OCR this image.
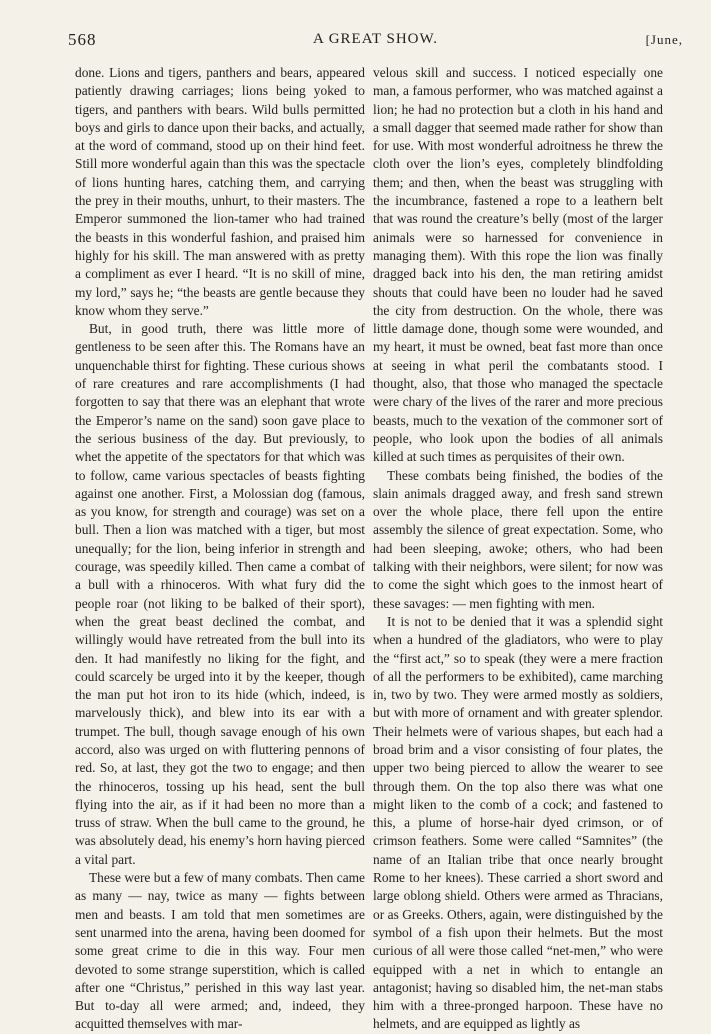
568	A GREAT SHOW.	[June,

done. Lions and tigers, panthers and bears, appeared patiently drawing carriages; lions being yoked to tigers, and panthers with bears. Wild bulls permitted boys and girls to dance upon their backs, and actually, at the word of command, stood up on their hind feet. Still more wonderful again than this was the spectacle of lions hunting hares, catching them, and carrying the prey in their mouths, unhurt, to their masters. The Emperor summoned the lion-tamer who had trained the beasts in this wonderful fashion, and praised him highly for his skill. The man answered with as pretty a compliment as ever I heard. “It is no skill of mine, my lord,” says he; “the beasts are gentle because they know whom they serve.”

But, in good truth, there was little more of gentleness to be seen after this. The Romans have an unquenchable thirst for fighting. These curious shows of rare creatures and rare accomplishments (I had forgotten to say that there was an elephant that wrote the Emperor’s name on the sand) soon gave place to the serious business of the day. But previously, to whet the appetite of the spectators for that which was to follow, came various spectacles of beasts fighting against one another. First, a Molossian dog (famous, as you know, for strength and courage) was set on a bull. Then a lion was matched with a tiger, but most unequally; for the lion, being inferior in strength and courage, was speedily killed. Then came a combat of a bull with a rhinoceros. With what fury did the people roar (not liking to be balked of their sport), when the great beast declined the combat, and willingly would have retreated from the bull into its den. It had manifestly no liking for the fight, and could scarcely be urged into it by the keeper, though the man put hot iron to its hide (which, indeed, is marvelously thick), and blew into its ear with a trumpet. The bull, though savage enough of his own accord, also was urged on with fluttering pennons of red. So, at last, they got the two to engage; and then the rhinoceros, tossing up his head, sent the bull flying into the air, as if it had been no more than a truss of straw. When the bull came to the ground, he was absolutely dead, his enemy’s horn having pierced a vital part.

These were but a few of many combats. Then came as many — nay, twice as many — fights between men and beasts. I am told that men sometimes are sent unarmed into the arena, having been doomed for some great crime to die in this way. Four men devoted to some strange superstition, which is called after one “Christus,” perished in this way last year. But to-day all were armed; and, indeed, they acquitted themselves with mar-

velous skill and success. I noticed especially one man, a famous performer, who was matched against a lion; he had no protection but a cloth in his hand and a small dagger that seemed made rather for show than for use. With most wonderful adroitness he threw the cloth over the lion’s eyes, completely blindfolding them; and then, when the beast was struggling with the incumbrance, fastened a rope to a leathern belt that was round the creature’s belly (most of the larger animals were so harnessed for convenience in managing them). With this rope the lion was finally dragged back into his den, the man retiring amidst shouts that could have been no louder had he saved the city from destruction. On the whole, there was little damage done, though some were wounded, and my heart, it must be owned, beat fast more than once at seeing in what peril the combatants stood. I thought, also, that those who managed the spectacle were chary of the lives of the rarer and more precious beasts, much to the vexation of the commoner sort of people, who look upon the bodies of all animals killed at such times as perquisites of their own.

These combats being finished, the bodies of the slain animals dragged away, and fresh sand strewn over the whole place, there fell upon the entire assembly the silence of great expectation. Some, who had been sleeping, awoke; others, who had been talking with their neighbors, were silent; for now was to come the sight which goes to the inmost heart of these savages: — men fighting with men.

It is not to be denied that it was a splendid sight when a hundred of the gladiators, who were to play the “first act,” so to speak (they were a mere fraction of all the performers to be exhibited), came marching in, two by two. They were armed mostly as soldiers, but with more of ornament and with greater splendor. Their helmets were of various shapes, but each had a broad brim and a visor consisting of four plates, the upper two being pierced to allow the wearer to see through them. On the top also there was what one might liken to the comb of a cock; and fastened to this, a plume of horse-hair dyed crimson, or of crimson feathers. Some were called “Samnites” (the name of an Italian tribe that once nearly brought Rome to her knees). These carried a short sword and large oblong shield. Others were armed as Thracians, or as Greeks. Others, again, were distinguished by the symbol of a fish upon their helmets. But the most curious of all were those called “net-men,” who were equipped with a net in which to entangle an antagonist; having so disabled him, the net-man stabs him with a three-pronged harpoon. These have no helmets, and are equipped as lightly as
